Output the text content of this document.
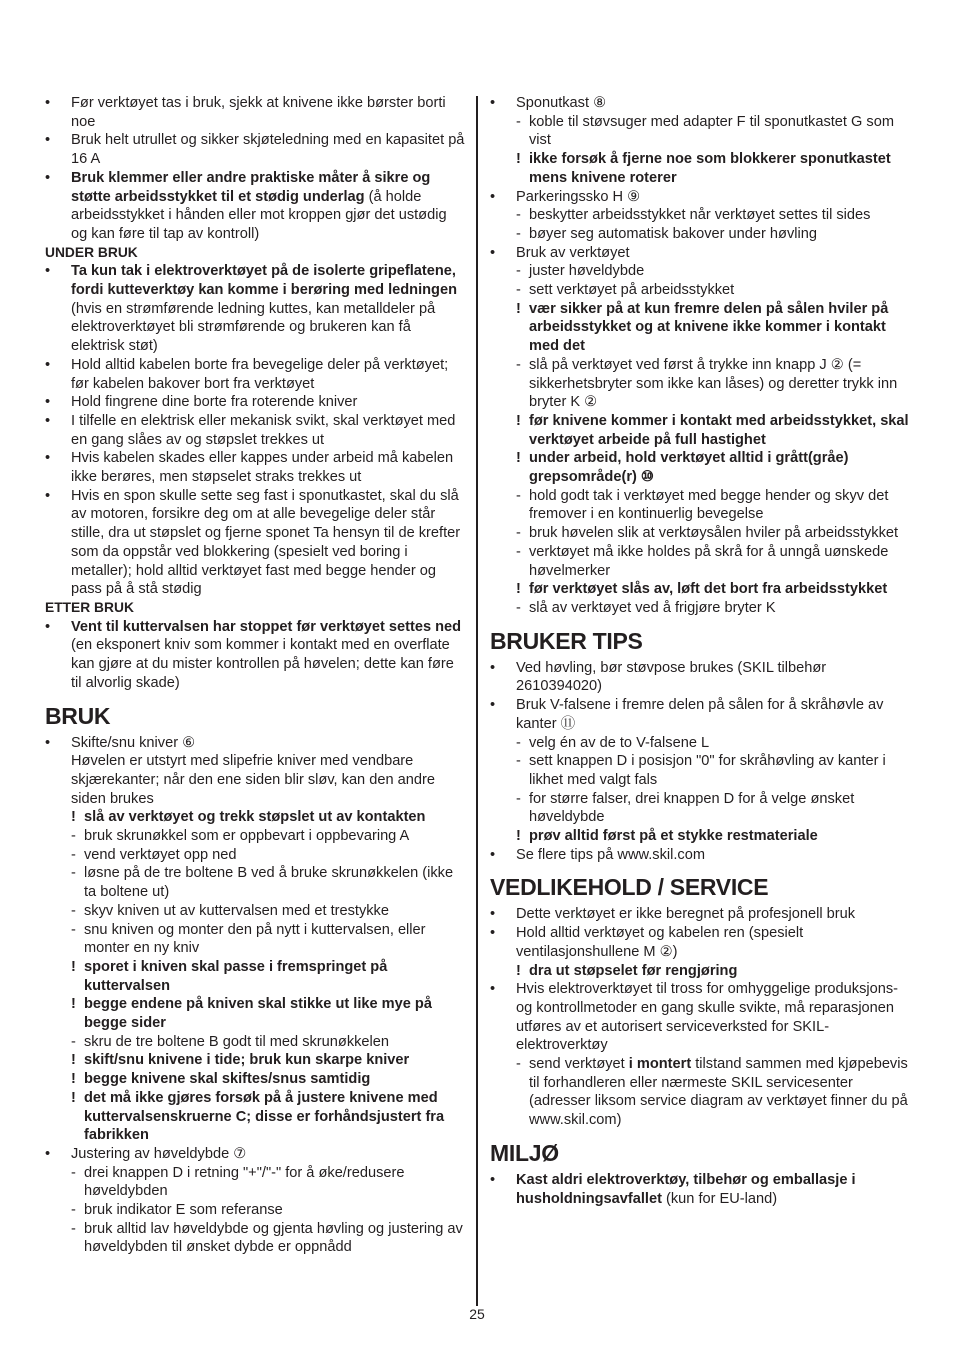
• Før verktøyet tas i bruk, sjekk at knivene ikke børster borti noe
• Bruk helt utrullet og sikker skjøteledning med en kapasitet på 16 A
• Bruk klemmer eller andre praktiske måter å sikre og støtte arbeidsstykket til et stødig underlag (å holde arbeidsstykket i hånden eller mot kroppen gjør det ustødig og kan føre til tap av kontroll)
UNDER BRUK
• Ta kun tak i elektroverktøyet på de isolerte gripeflatene, fordi kutteverktøy kan komme i berøring med ledningen (hvis en strømførende ledning kuttes, kan metalldeler på elektroverktøyet bli strømførende og brukeren kan få elektrisk støt)
• Hold alltid kabelen borte fra bevegelige deler på verktøyet; før kabelen bakover bort fra verktøyet
• Hold fingrene dine borte fra roterende kniver
• I tilfelle en elektrisk eller mekanisk svikt, skal verktøyet med en gang slåes av og støpslet trekkes ut
• Hvis kabelen skades eller kappes under arbeid må kabelen ikke berøres, men støpselet straks trekkes ut
• Hvis en spon skulle sette seg fast i sponutkastet, skal du slå av motoren, forsikre deg om at alle bevegelige deler står stille, dra ut støpslet og fjerne sponet Ta hensyn til de krefter som da oppstår ved blokkering (spesielt ved boring i metaller); hold alltid verktøyet fast med begge hender og pass på å stå stødig
ETTER BRUK
• Vent til kuttervalsen har stoppet før verktøyet settes ned (en eksponert kniv som kommer i kontakt med en overflate kan gjøre at du mister kontrollen på høvelen; dette kan føre til alvorlig skade)
BRUK
• Skifte/snu kniver ⑥
Høvelen er utstyrt med slipefrie kniver med vendbare skjærekanter; når den ene siden blir sløv, kan den andre siden brukes
! slå av verktøyet og trekk støpslet ut av kontakten
- bruk skrunøkkel som er oppbevart i oppbevaring A
- vend verktøyet opp ned
- løsne på de tre boltene B ved å bruke skrunøkkelen (ikke ta boltene ut)
- skyv kniven ut av kuttervalsen med et trestykke
- snu kniven og monter den på nytt i kuttervalsen, eller monter en ny kniv
! sporet i kniven skal passe i fremspringet på kuttervalsen
! begge endene på kniven skal stikke ut like mye på begge sider
- skru de tre boltene B godt til med skrunøkkelen
! skift/snu knivene i tide; bruk kun skarpe kniver
! begge knivene skal skiftes/snus samtidig
! det må ikke gjøres forsøk på å justere knivene med kuttervalsenskruerne C; disse er forhåndsjustert fra fabrikken
• Justering av høveldybde ⑦
- drei knappen D i retning "+"/"-" for å øke/redusere høveldybden
- bruk indikator E som referanse
- bruk alltid lav høveldybde og gjenta høvling og justering av høveldybden til ønsket dybde er oppnådd
• Sponutkast ⑧
- koble til støvsuger med adapter F til sponutkastet G som vist
! ikke forsøk å fjerne noe som blokkerer sponutkastet mens knivene roterer
• Parkeringssko H ⑨
- beskytter arbeidsstykket når verktøyet settes til sides
- bøyer seg automatisk bakover under høvling
• Bruk av verktøyet
- juster høveldybde
- sett verktøyet på arbeidsstykket
! vær sikker på at kun fremre delen på sålen hviler på arbeidsstykket og at knivene ikke kommer i kontakt med det
- slå på verktøyet ved først å trykke inn knapp J ② (= sikkerhetsbryter som ikke kan låses) og deretter trykk inn bryter K ②
! før knivene kommer i kontakt med arbeidsstykket, skal verktøyet arbeide på full hastighet
! under arbeid, hold verktøyet alltid i grått(gråe) grepsområde(r) ⑩
- hold godt tak i verktøyet med begge hender og skyv det fremover i en kontinuerlig bevegelse
- bruk høvelen slik at verktøysålen hviler på arbeidsstykket
- verktøyet må ikke holdes på skrå for å unngå uønskede høvelmerker
! før verktøyet slås av, løft det bort fra arbeidsstykket
- slå av verktøyet ved å frigjøre bryter K
BRUKER TIPS
• Ved høvling, bør støvpose brukes (SKIL tilbehør 2610394020)
• Bruk V-falsene i fremre delen på sålen for å skråhøvle av kanter ⑪
- velg én av de to V-falsene L
- sett knappen D i posisjon "0" for skråhøvling av kanter i likhet med valgt fals
- for større falser, drei knappen D for å velge ønsket høveldybde
! prøv alltid først på et stykke restmateriale
• Se flere tips på www.skil.com
VEDLIKEHOLD / SERVICE
• Dette verktøyet er ikke beregnet på profesjonell bruk
• Hold alltid verktøyet og kabelen ren (spesielt ventilasjonshullene M ②)
! dra ut støpselet før rengjøring
• Hvis elektroverktøyet til tross for omhyggelige produksjons- og kontrollmetoder en gang skulle svikte, må reparasjonen utføres av et autorisert serviceverksted for SKIL-elektroverktøy
- send verktøyet i montert tilstand sammen med kjøpebevis til forhandleren eller nærmeste SKIL servicesenter (adresser liksom service diagram av verktøyet finner du på www.skil.com)
MILJØ
• Kast aldri elektroverktøy, tilbehør og emballasje i husholdningsavfallet (kun for EU-land)
25
